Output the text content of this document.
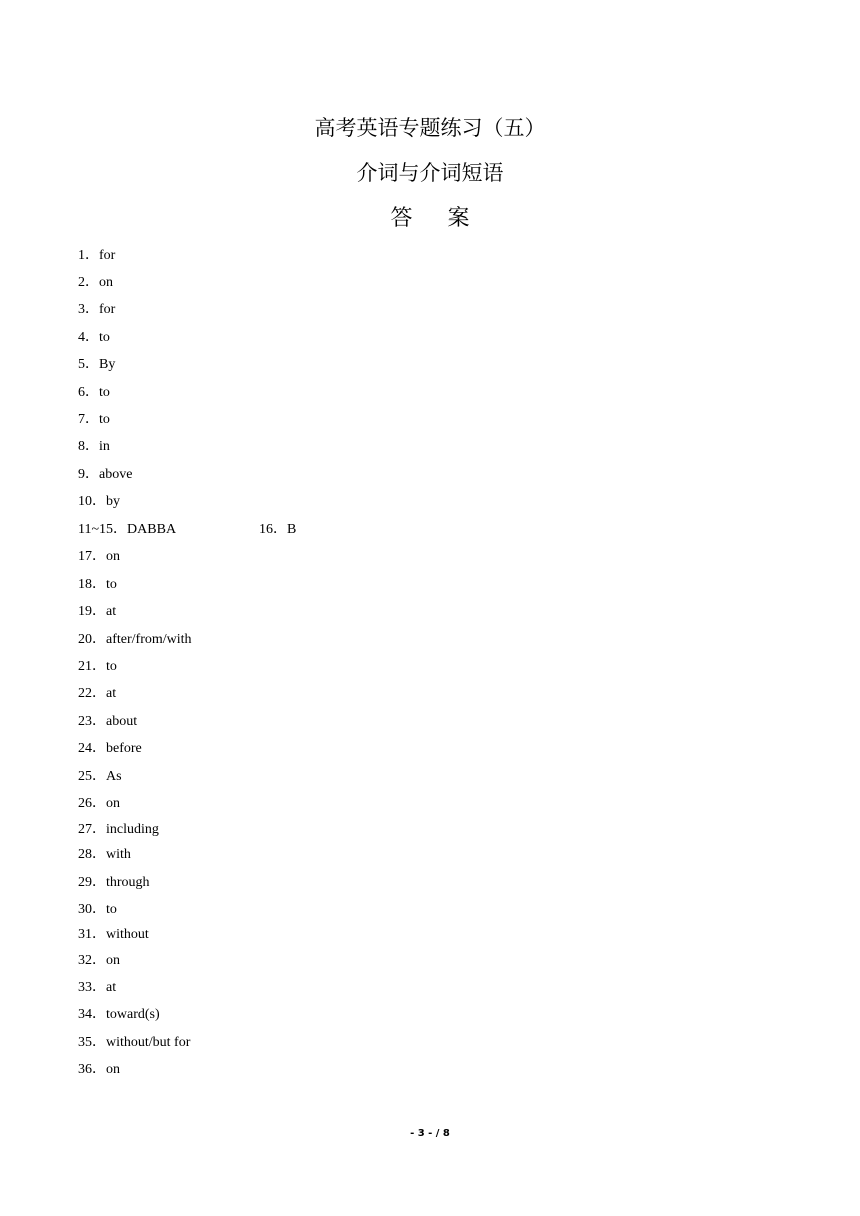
高考英语专题练习（五）
介词与介词短语
答 案
1．for
2．on
3．for
4．to
5．By
6．to
7．to
8．in
9．above
10．by
11~15．DABBA	16．B
17．on
18．to
19．at
20．after/from/with
21．to
22．at
23．about
24．before
25．As
26．on
27．including
28．with
29．through
30．to
31．without
32．on
33．at
34．toward(s)
35．without/but for
36．on
- 3 - / 8
